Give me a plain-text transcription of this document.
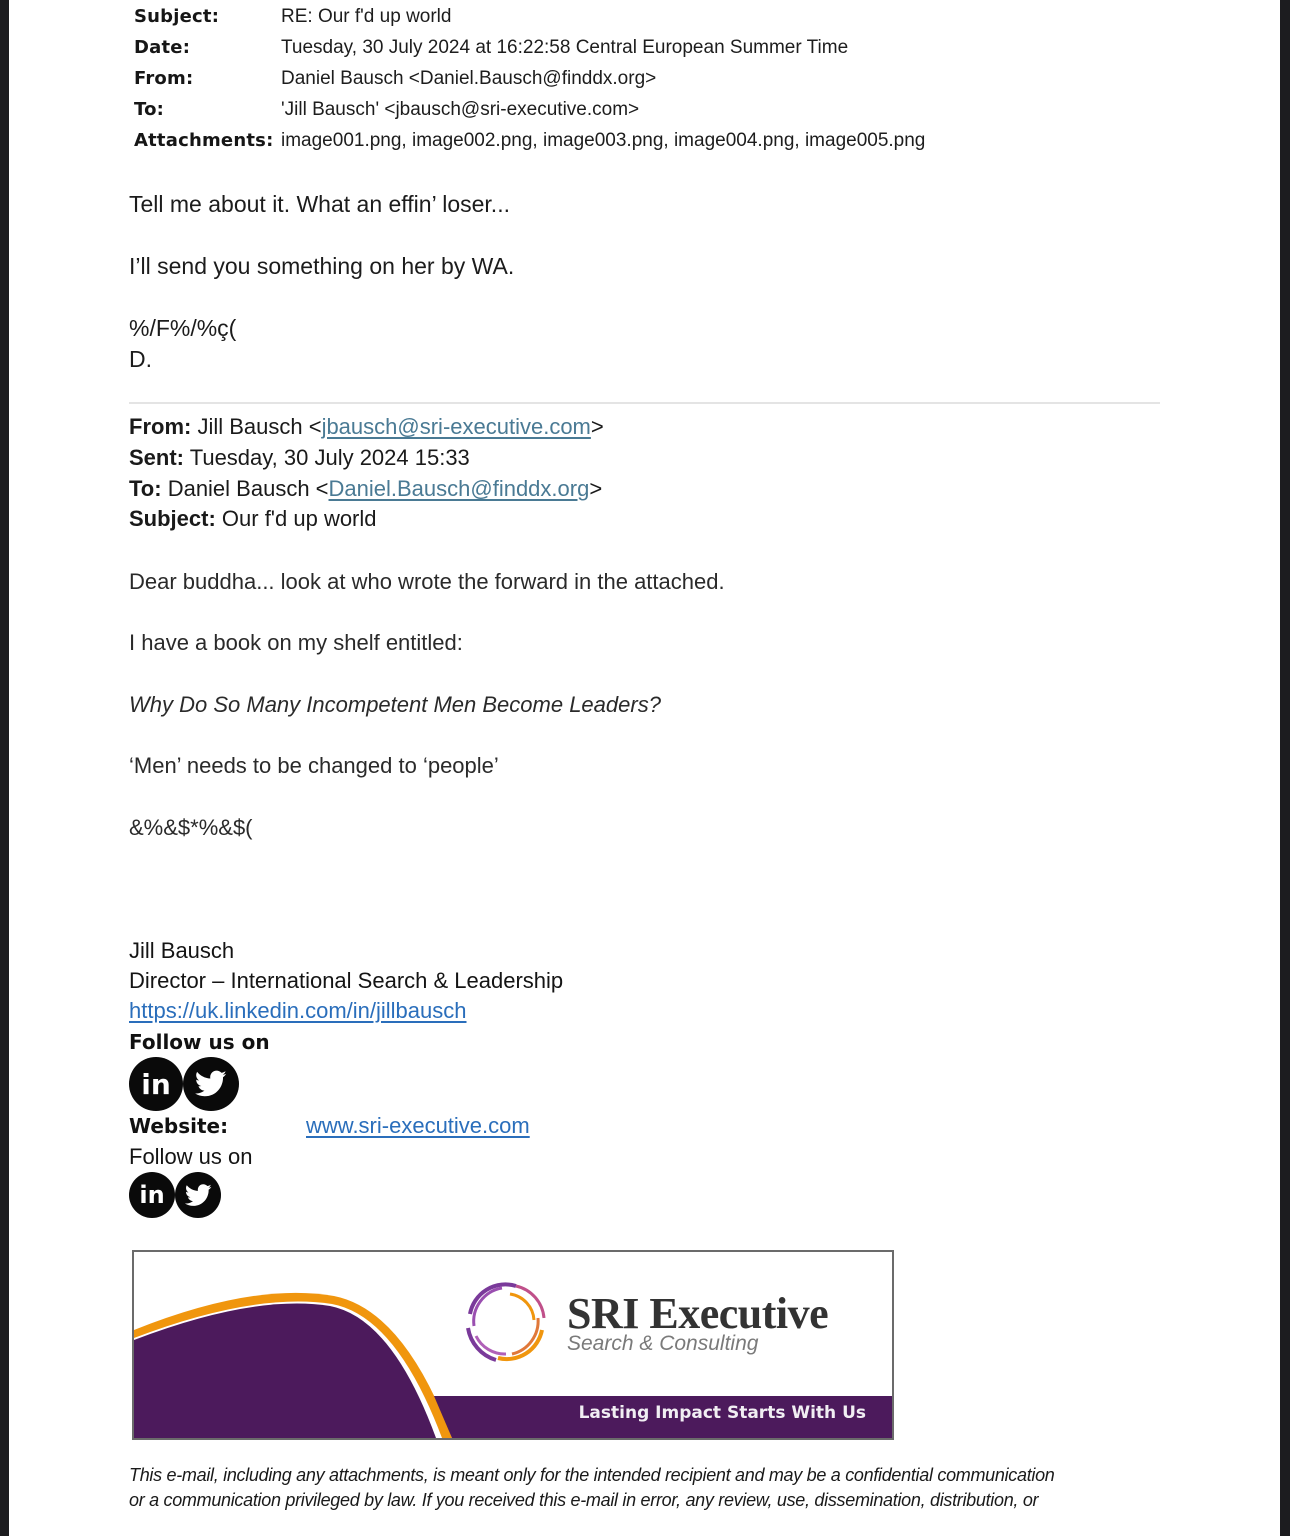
Subject:	RE: Our f'd up world
Date:	Tuesday, 30 July 2024 at 16:22:58 Central European Summer Time
From:	Daniel Bausch <Daniel.Bausch@finddx.org>
To:	'Jill Bausch' <jbausch@sri-executive.com>
Attachments: image001.png, image002.png, image003.png, image004.png, image005.png
Tell me about it. What an effin’ loser...
I’ll send you something on her by WA.
%/F%/%ç(
D.
From: Jill Bausch <jbausch@sri-executive.com>
Sent: Tuesday, 30 July 2024 15:33
To: Daniel Bausch <Daniel.Bausch@finddx.org>
Subject: Our f'd up world
Dear buddha... look at who wrote the forward in the attached.
I have a book on my shelf entitled:
Why Do So Many Incompetent Men Become Leaders?
‘Men’ needs to be changed to ‘people’
&%&$*%&$(
Jill Bausch
Director – International Search & Leadership
https://uk.linkedin.com/in/jillbausch
Follow us on
in
Website:	www.sri-executive.com
Follow us on
in
SRI Executive
Search & Consulting
Lasting Impact Starts With Us
This e-mail, including any attachments, is meant only for the intended recipient and may be a confidential communication
or a communication privileged by law. If you received this e-mail in error, any review, use, dissemination, distribution, or
